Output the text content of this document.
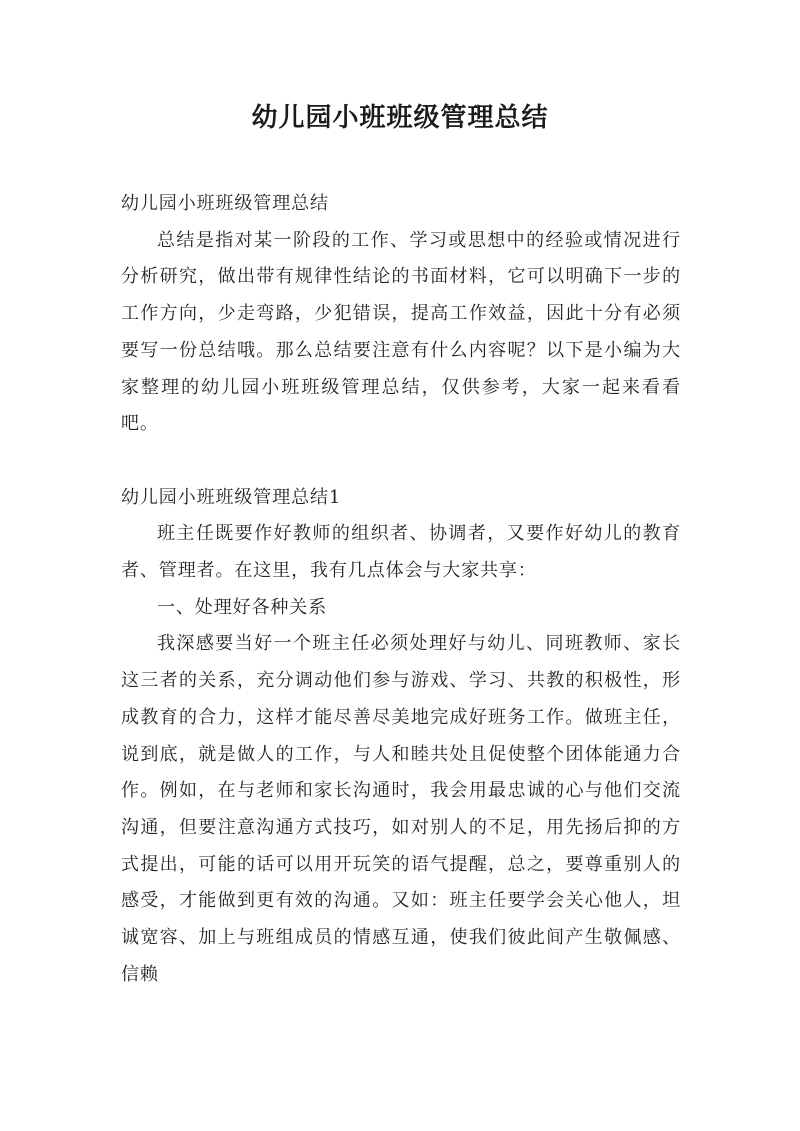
幼儿园小班班级管理总结

幼儿园小班班级管理总结

总结是指对某一阶段的工作、学习或思想中的经验或情况进行分析研究，做出带有规律性结论的书面材料，它可以明确下一步的工作方向，少走弯路，少犯错误，提高工作效益，因此十分有必须要写一份总结哦。那么总结要注意有什么内容呢？以下是小编为大家整理的幼儿园小班班级管理总结，仅供参考，大家一起来看看吧。

幼儿园小班班级管理总结1

班主任既要作好教师的组织者、协调者，又要作好幼儿的教育者、管理者。在这里，我有几点体会与大家共享：

一、处理好各种关系

我深感要当好一个班主任必须处理好与幼儿、同班教师、家长这三者的关系，充分调动他们参与游戏、学习、共教的积极性，形成教育的合力，这样才能尽善尽美地完成好班务工作。做班主任，说到底，就是做人的工作，与人和睦共处且促使整个团体能通力合作。例如，在与老师和家长沟通时，我会用最忠诚的心与他们交流沟通，但要注意沟通方式技巧，如对别人的不足，用先扬后抑的方式提出，可能的话可以用开玩笑的语气提醒，总之，要尊重别人的感受，才能做到更有效的沟通。又如：班主任要学会关心他人，坦诚宽容、加上与班组成员的情感互通，使我们彼此间产生敬佩感、信赖
